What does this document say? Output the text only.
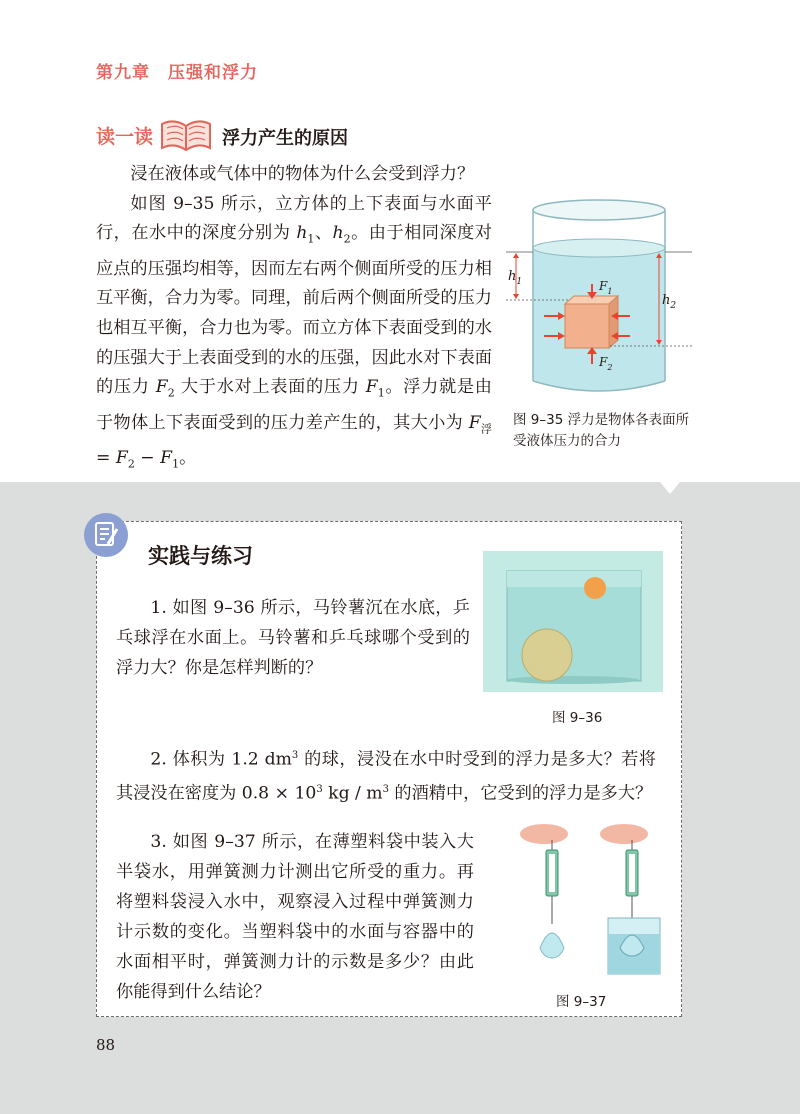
第九章　压强和浮力
读一读	浮力产生的原因

浸在液体或气体中的物体为什么会受到浮力？

如图 9–35 所示，立方体的上下表面与水面平行，在水中的深度分别为 $h_1$、$h_2$。由于相同深度对应点的压强均相等，因而左右两个侧面所受的压力相互平衡，合力为零。同理，前后两个侧面所受的压力也相互平衡，合力也为零。而立方体下表面受到的水的压强大于上表面受到的水的压强，因此水对下表面的压力 $F_2$ 大于水对上表面的压力 $F_1$。浮力就是由于物体上下表面受到的压力差产生的，其大小为 $F_浮 = F_2 - F_1$。

$h_1$
$h_2$
$F_1$
$F_2$
图 9–35 浮力是物体各表面所受液体压力的合力
实践与练习

1. 如图 9–36 所示，马铃薯沉在水底，乒乓球浮在水面上。马铃薯和乒乓球哪个受到的浮力大？你是怎样判断的？

图 9–36

2. 体积为 1.2 $dm^3$ 的球，浸没在水中时受到的浮力是多大？若将其浸没在密度为 $0.8 \times 10^3$ kg / $m^3$ 的酒精中，它受到的浮力是多大？

3. 如图 9–37 所示，在薄塑料袋中装入大半袋水，用弹簧测力计测出它所受的重力。再将塑料袋浸入水中，观察浸入过程中弹簧测力计示数的变化。当塑料袋中的水面与容器中的水面相平时，弹簧测力计的示数是多少？由此你能得到什么结论？	图 9–37
88
